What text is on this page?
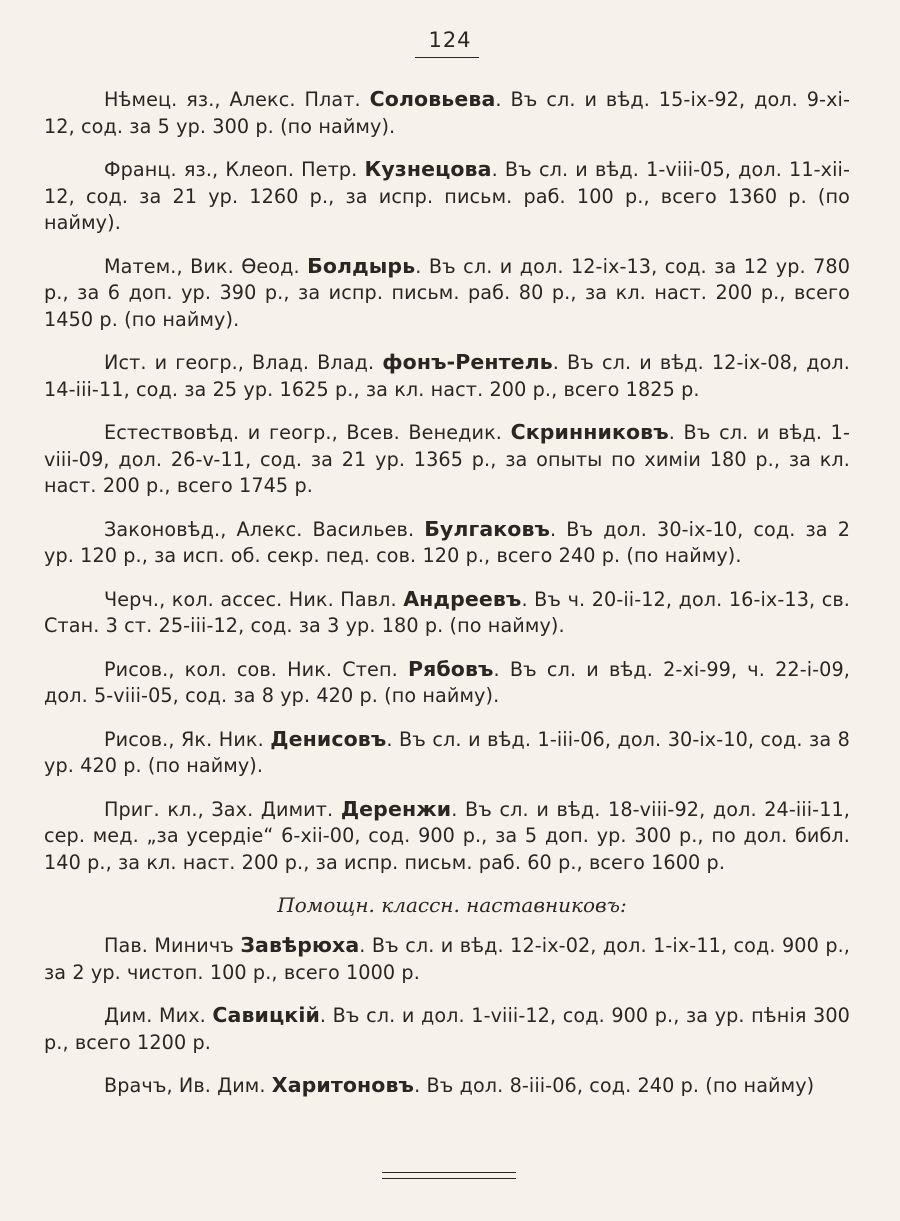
124

Нѣмец. яз., Алекс. Плат. Соловьева. Въ сл. и вѣд. 15-ix-92, дол. 9-xi-12, сод. за 5 ур. 300 р. (по найму).

Франц. яз., Клеоп. Петр. Кузнецова. Въ сл. и вѣд. 1-viii-05, дол. 11-xii-12, сод. за 21 ур. 1260 р., за испр. письм. раб. 100 р., всего 1360 р. (по найму).

Матем., Вик. Ѳеод. Болдырь. Въ сл. и дол. 12-ix-13, сод. за 12 ур. 780 р., за 6 доп. ур. 390 р., за испр. письм. раб. 80 р., за кл. наст. 200 р., всего 1450 р. (по найму).

Ист. и геогр., Влад. Влад. фонъ-Рентель. Въ сл. и вѣд. 12-ix-08, дол. 14-iii-11, сод. за 25 ур. 1625 р., за кл. наст. 200 р., всего 1825 р.

Естествовѣд. и геогр., Всев. Венедик. Скринниковъ. Въ сл. и вѣд. 1-viii-09, дол. 26-v-11, сод. за 21 ур. 1365 р., за опыты по химіи 180 р., за кл. наст. 200 р., всего 1745 р.

Законовѣд., Алекс. Васильев. Булгаковъ. Въ дол. 30-ix-10, сод. за 2 ур. 120 р., за исп. об. секр. пед. сов. 120 р., всего 240 р. (по найму).

Черч., кол. ассес. Ник. Павл. Андреевъ. Въ ч. 20-ii-12, дол. 16-ix-13, св. Стан. 3 ст. 25-iii-12, сод. за 3 ур. 180 р. (по найму).

Рисов., кол. сов. Ник. Степ. Рябовъ. Въ сл. и вѣд. 2-xi-99, ч. 22-i-09, дол. 5-viii-05, сод. за 8 ур. 420 р. (по найму).

Рисов., Як. Ник. Денисовъ. Въ сл. и вѣд. 1-iii-06, дол. 30-ix-10, сод. за 8 ур. 420 р. (по найму).

Приг. кл., Зах. Димит. Деренжи. Въ сл. и вѣд. 18-viii-92, дол. 24-iii-11, сер. мед. „за усердіе“ 6-xii-00, сод. 900 р., за 5 доп. ур. 300 р., по дол. библ. 140 р., за кл. наст. 200 р., за испр. письм. раб. 60 р., всего 1600 р.

Помощн. классн. наставниковъ:

Пав. Миничъ Завѣрюха. Въ сл. и вѣд. 12-ix-02, дол. 1-ix-11, сод. 900 р., за 2 ур. чистоп. 100 р., всего 1000 р.

Дим. Мих. Савицкій. Въ сл. и дол. 1-viii-12, сод. 900 р., за ур. пѣнія 300 р., всего 1200 р.

Врачъ, Ив. Дим. Харитоновъ. Въ дол. 8-iii-06, сод. 240 р. (по найму)
